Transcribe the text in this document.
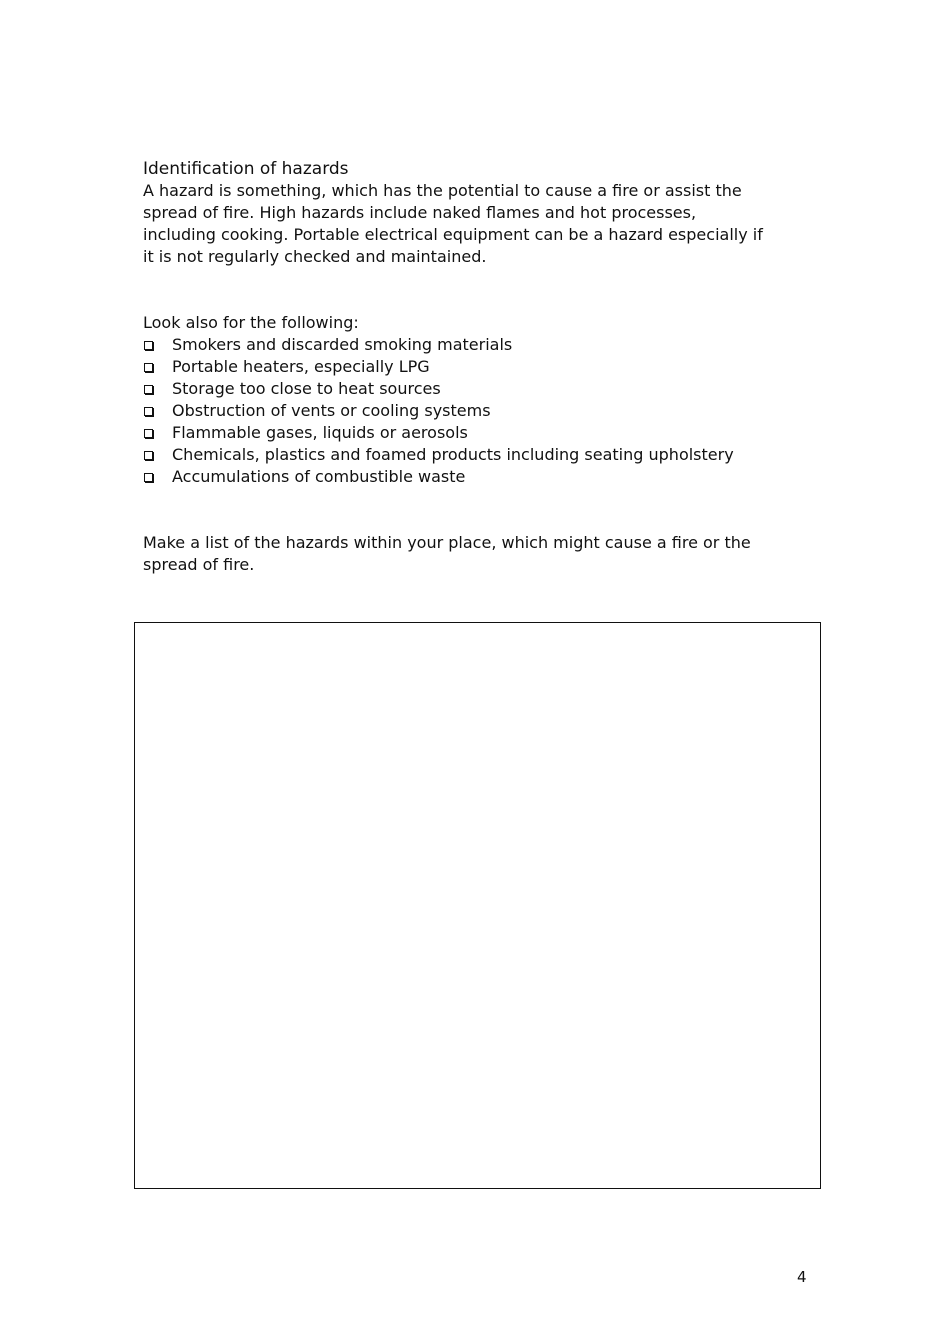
Identification of hazards

A hazard is something, which has the potential to cause a fire or assist the
spread of fire. High hazards include naked flames and hot processes,
including cooking. Portable electrical equipment can be a hazard especially if
it is not regularly checked and maintained.

Look also for the following:

Smokers and discarded smoking materials
Portable heaters, especially LPG
Storage too close to heat sources
Obstruction of vents or cooling systems
Flammable gases, liquids or aerosols
Chemicals, plastics and foamed products including seating upholstery
Accumulations of combustible waste

Make a list of the hazards within your place, which might cause a fire or the
spread of fire.

4
